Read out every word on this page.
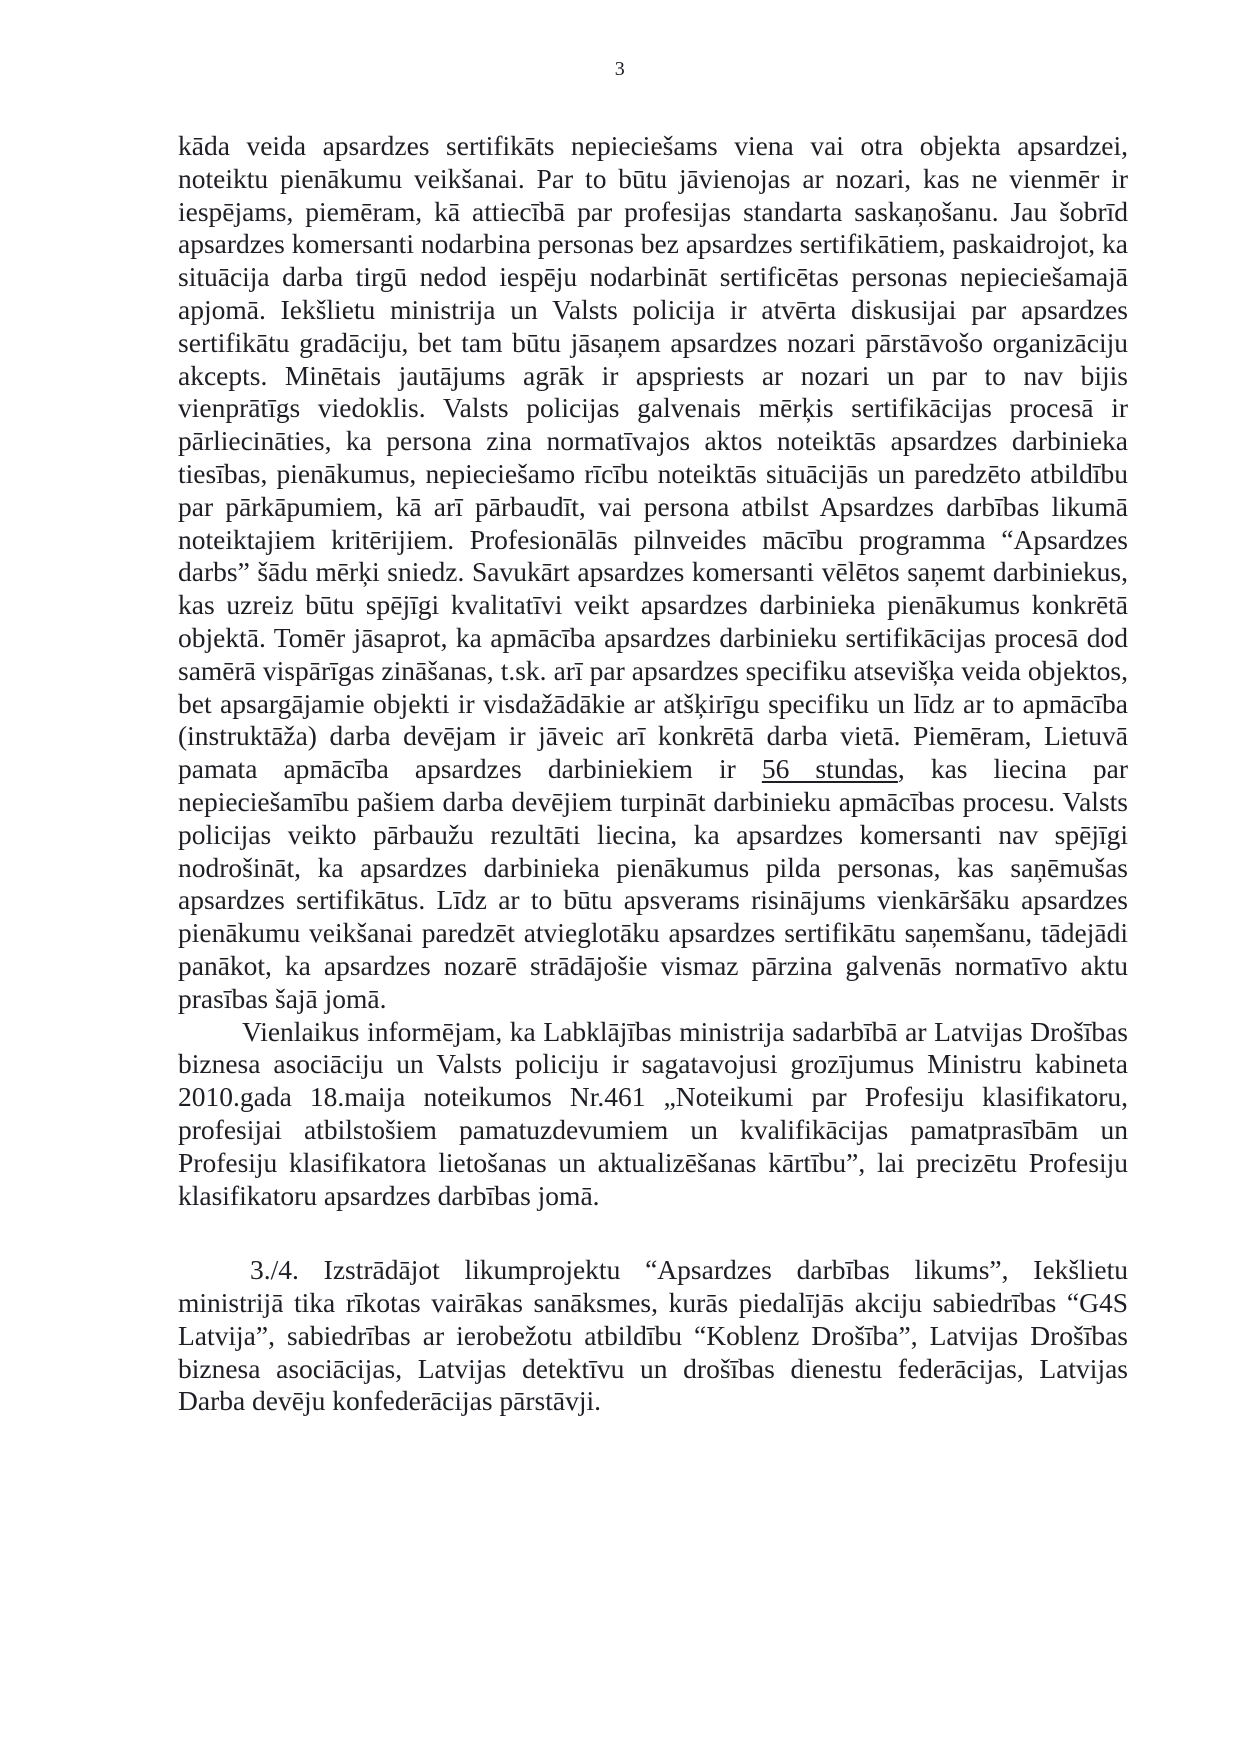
3

kāda veida apsardzes sertifikāts nepieciešams viena vai otra objekta apsardzei, noteiktu pienākumu veikšanai. Par to būtu jāvienojas ar nozari, kas ne vienmēr ir iespējams, piemēram, kā attiecībā par profesijas standarta saskaņošanu. Jau šobrīd apsardzes komersanti nodarbina personas bez apsardzes sertifikātiem, paskaidrojot, ka situācija darba tirgū nedod iespēju nodarbināt sertificētas personas nepieciešamajā apjomā. Iekšlietu ministrija un Valsts policija ir atvērta diskusijai par apsardzes sertifikātu gradāciju, bet tam būtu jāsaņem apsardzes nozari pārstāvošo organizāciju akcepts. Minētais jautājums agrāk ir apspriests ar nozari un par to nav bijis vienprātīgs viedoklis. Valsts policijas galvenais mērķis sertifikācijas procesā ir pārliecināties, ka persona zina normatīvajos aktos noteiktās apsardzes darbinieka tiesības, pienākumus, nepieciešamo rīcību noteiktās situācijās un paredzēto atbildību par pārkāpumiem, kā arī pārbaudīt, vai persona atbilst Apsardzes darbības likumā noteiktajiem kritērijiem. Profesionālās pilnveides mācību programma “Apsardzes darbs” šādu mērķi sniedz. Savukārt apsardzes komersanti vēlētos saņemt darbiniekus, kas uzreiz būtu spējīgi kvalitatīvi veikt apsardzes darbinieka pienākumus konkrētā objektā. Tomēr jāsaprot, ka apmācība apsardzes darbinieku sertifikācijas procesā dod samērā vispārīgas zināšanas, t.sk. arī par apsardzes specifiku atsevišķa veida objektos, bet apsargājamie objekti ir visdažādākie ar atšķirīgu specifiku un līdz ar to apmācība (instruktāža) darba devējam ir jāveic arī konkrētā darba vietā. Piemēram, Lietuvā pamata apmācība apsardzes darbiniekiem ir 56 stundas, kas liecina par nepieciešamību pašiem darba devējiem turpināt darbinieku apmācības procesu. Valsts policijas veikto pārbaužu rezultāti liecina, ka apsardzes komersanti nav spējīgi nodrošināt, ka apsardzes darbinieka pienākumus pilda personas, kas saņēmušas apsardzes sertifikātus. Līdz ar to būtu apsverams risinājums vienkāršāku apsardzes pienākumu veikšanai paredzēt atvieglotāku apsardzes sertifikātu saņemšanu, tādejādi panākot, ka apsardzes nozarē strādājošie vismaz pārzina galvenās normatīvo aktu prasības šajā jomā.

Vienlaikus informējam, ka Labklājības ministrija sadarbībā ar Latvijas Drošības biznesa asociāciju un Valsts policiju ir sagatavojusi grozījumus Ministru kabineta 2010.gada 18.maija noteikumos Nr.461 „Noteikumi par Profesiju klasifikatoru, profesijai atbilstošiem pamatuzdevumiem un kvalifikācijas pamatprasībām un Profesiju klasifikatora lietošanas un aktualizēšanas kārtību”, lai precizētu Profesiju klasifikatoru apsardzes darbības jomā.

3./4. Izstrādājot likumprojektu “Apsardzes darbības likums”, Iekšlietu ministrijā tika rīkotas vairākas sanāksmes, kurās piedalījās akciju sabiedrības “G4S Latvija”, sabiedrības ar ierobežotu atbildību “Koblenz Drošība”, Latvijas Drošības biznesa asociācijas, Latvijas detektīvu un drošības dienestu federācijas, Latvijas Darba devēju konfederācijas pārstāvji.
